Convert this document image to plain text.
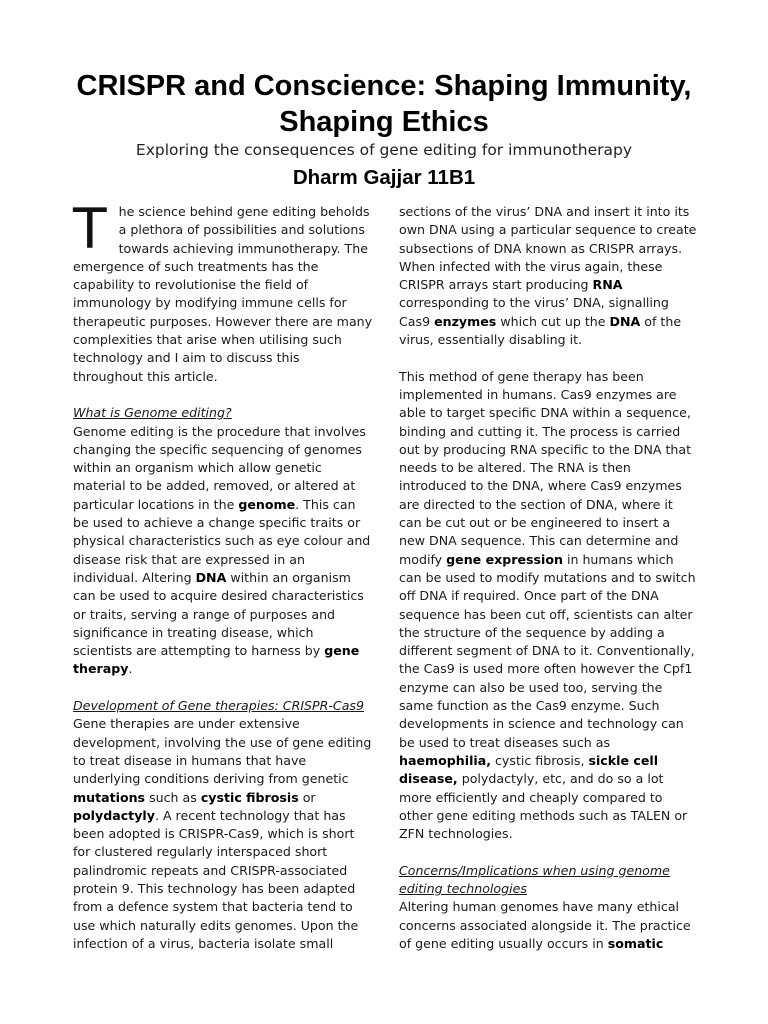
CRISPR and Conscience: Shaping Immunity, Shaping Ethics
Exploring the consequences of gene editing for immunotherapy
Dharm Gajjar 11B1

The science behind gene editing beholds a plethora of possibilities and solutions towards achieving immunotherapy. The emergence of such treatments has the capability to revolutionise the field of immunology by modifying immune cells for therapeutic purposes. However there are many complexities that arise when utilising such technology and I aim to discuss this throughout this article.

What is Genome editing?
Genome editing is the procedure that involves changing the specific sequencing of genomes within an organism which allow genetic material to be added, removed, or altered at particular locations in the genome. This can be used to achieve a change specific traits or physical characteristics such as eye colour and disease risk that are expressed in an individual. Altering DNA within an organism can be used to acquire desired characteristics or traits, serving a range of purposes and significance in treating disease, which scientists are attempting to harness by gene therapy.

Development of Gene therapies: CRISPR-Cas9
Gene therapies are under extensive development, involving the use of gene editing to treat disease in humans that have underlying conditions deriving from genetic mutations such as cystic fibrosis or polydactyly. A recent technology that has been adopted is CRISPR-Cas9, which is short for clustered regularly interspaced short palindromic repeats and CRISPR-associated protein 9. This technology has been adapted from a defence system that bacteria tend to use which naturally edits genomes. Upon the infection of a virus, bacteria isolate small

sections of the virus’ DNA and insert it into its own DNA using a particular sequence to create subsections of DNA known as CRISPR arrays. When infected with the virus again, these CRISPR arrays start producing RNA corresponding to the virus’ DNA, signalling Cas9 enzymes which cut up the DNA of the virus, essentially disabling it.

This method of gene therapy has been implemented in humans. Cas9 enzymes are able to target specific DNA within a sequence, binding and cutting it. The process is carried out by producing RNA specific to the DNA that needs to be altered. The RNA is then introduced to the DNA, where Cas9 enzymes are directed to the section of DNA, where it can be cut out or be engineered to insert a new DNA sequence. This can determine and modify gene expression in humans which can be used to modify mutations and to switch off DNA if required. Once part of the DNA sequence has been cut off, scientists can alter the structure of the sequence by adding a different segment of DNA to it. Conventionally, the Cas9 is used more often however the Cpf1 enzyme can also be used too, serving the same function as the Cas9 enzyme. Such developments in science and technology can be used to treat diseases such as haemophilia, cystic fibrosis, sickle cell disease, polydactyly, etc, and do so a lot more efficiently and cheaply compared to other gene editing methods such as TALEN or ZFN technologies.

Concerns/Implications when using genome editing technologies
Altering human genomes have many ethical concerns associated alongside it. The practice of gene editing usually occurs in somatic
